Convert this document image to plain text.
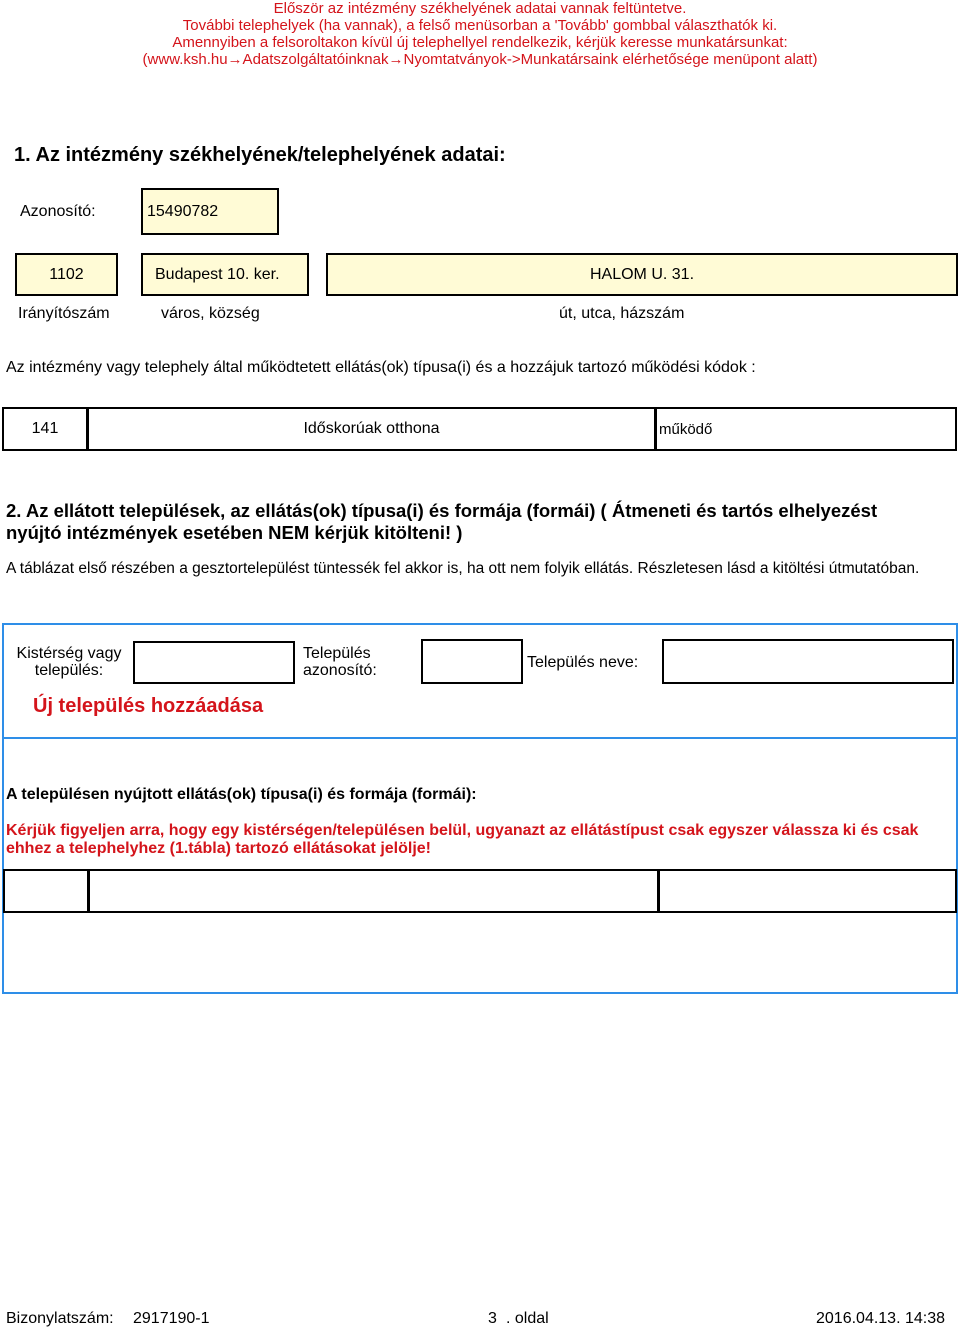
Először az intézmény székhelyének adatai vannak feltüntetve.
További telephelyek (ha vannak), a felső menüsorban a 'Tovább' gombbal választhatók ki.
Amennyiben a felsoroltakon kívül új telephellyel rendelkezik, kérjük keresse munkatársunkat:
(www.ksh.hu→Adatszolgáltatóinknak→Nyomtatványok->Munkatársaink elérhetősége menüpont alatt)
1. Az intézmény székhelyének/telephelyének adatai:
Azonosító:	15490782
1102	Budapest 10. ker.	HALOM U. 31.
Irányítószám	város, község	út, utca, házszám
Az intézmény vagy telephely által működtetett ellátás(ok) típusa(i) és a hozzájuk tartozó működési kódok :
141	Időskorúak otthona	működő
2. Az ellátott települések, az ellátás(ok) típusa(i) és formája (formái) ( Átmeneti és tartós elhelyezést nyújtó intézmények esetében NEM kérjük kitölteni! )
A táblázat első részében a gesztortelepülést tüntessék fel akkor is, ha ott nem folyik ellátás. Részletesen lásd a kitöltési útmutatóban.
Kistérség vagy település:
Település azonosító:	Település neve:
Új település hozzáadása
A településen nyújtott ellátás(ok) típusa(i) és formája (formái):
Kérjük figyeljen arra, hogy egy kistérségen/településen belül, ugyanazt az ellátástípust csak egyszer válassza ki és csak ehhez a telephelyhez (1.tábla) tartozó ellátásokat jelölje!
Bizonylatszám: 2917190-1	3 . oldal	2016.04.13. 14:38
